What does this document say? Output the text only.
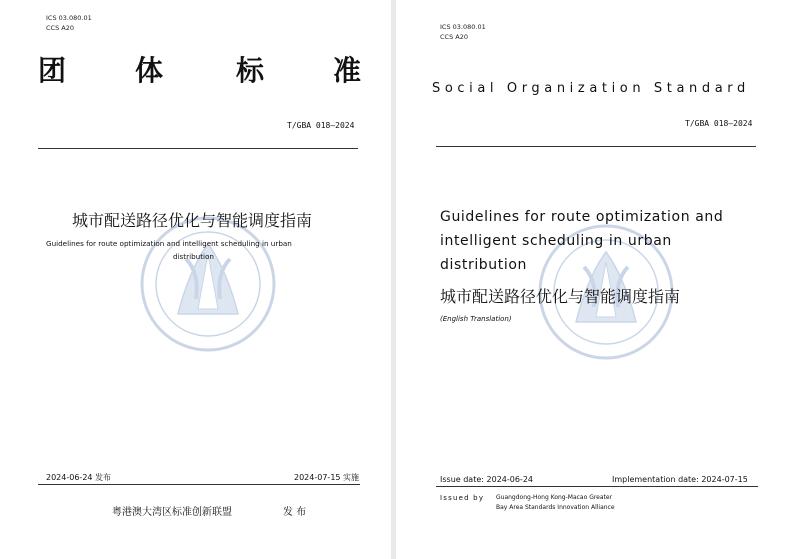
ICS 03.080.01
CCS A20
团 体	标 准
T/GBA 018—2024
城市配送路径优化与智能调度指南
Guidelines for route optimization and intelligent scheduling in urban
distribution
2024-06-24 发布	2024-07-15 实施
粤港澳大湾区标准创新联盟	发 布
ICS 03.080.01
CCS A20
Social Organization Standard
T/GBA 018—2024
Guidelines for route optimization and
intelligent scheduling in urban
distribution
城市配送路径优化与智能调度指南
(English Translation)
Issue date: 2024-06-24	Implementation date: 2024-07-15
Issued by Guangdong-Hong Kong-Macao Greater
Bay Area Standards Innovation Alliance
